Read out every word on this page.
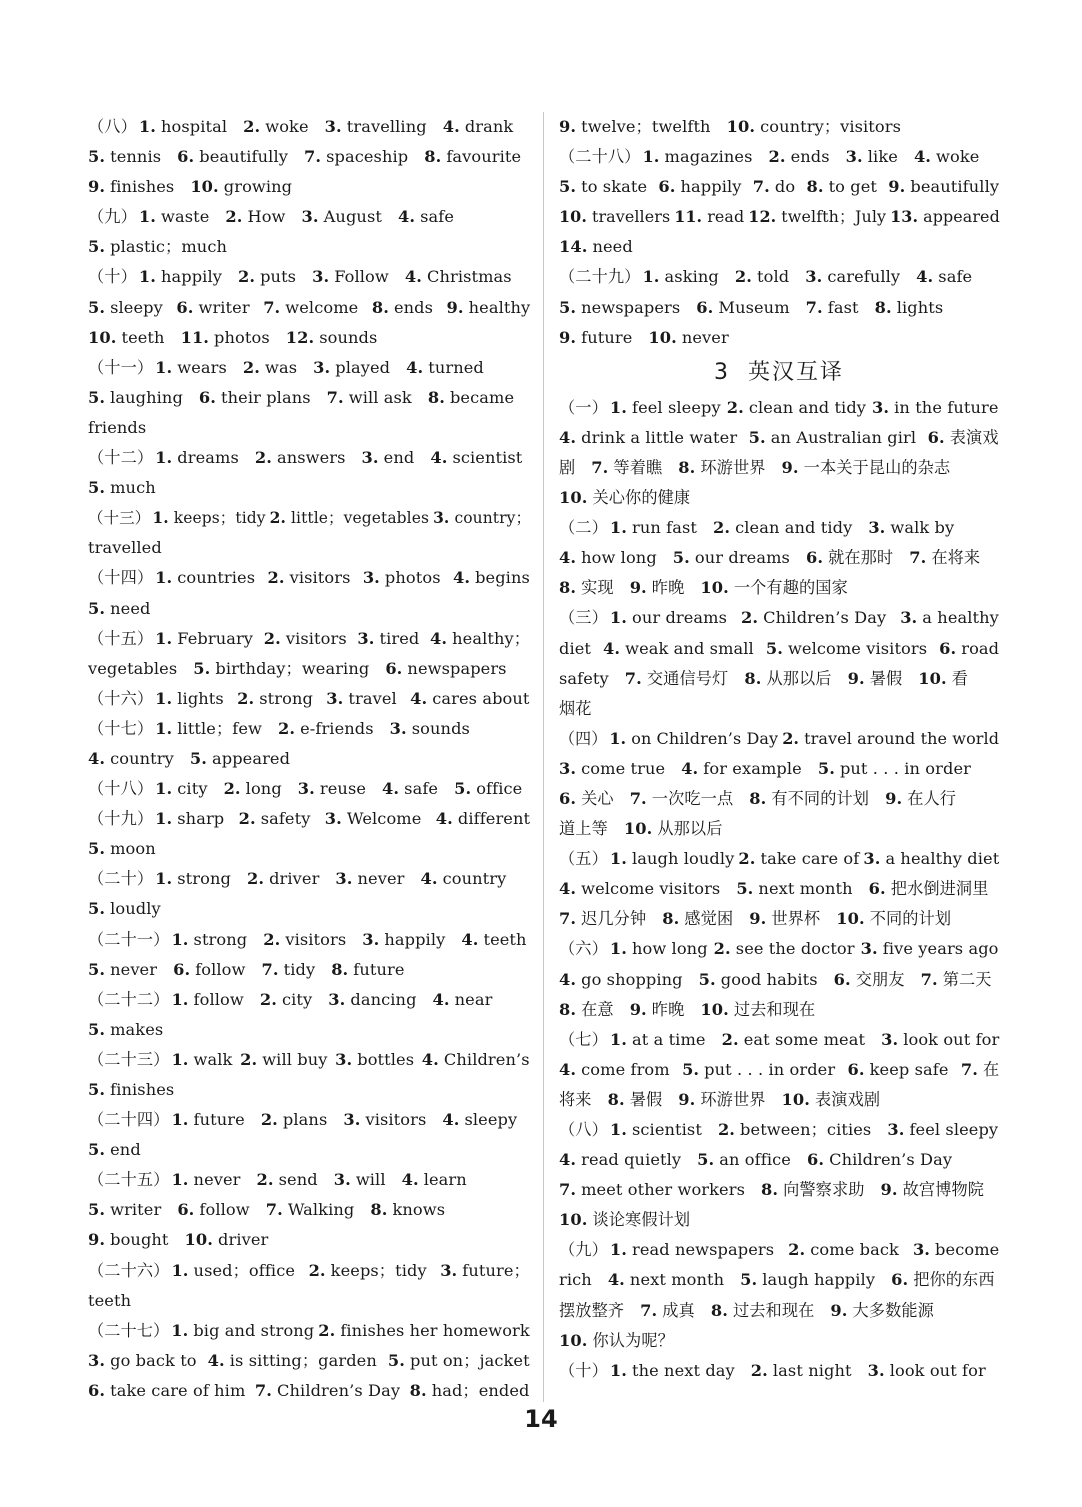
（八） 1. hospital 2. woke 3. travelling 4. drank
5. tennis 6. beautifully 7. spaceship 8. favourite
9. finishes 10. growing
（九） 1. waste 2. How 3. August 4. safe
5. plastic；much
（十） 1. happily 2. puts 3. Follow 4. Christmas
5. sleepy 6. writer 7. welcome 8. ends 9. healthy
10. teeth 11. photos 12. sounds
（十一） 1. wears 2. was 3. played 4. turned
5. laughing 6. their plans 7. will ask 8. became
friends
（十二） 1. dreams 2. answers 3. end 4. scientist
5. much
（十三） 1. keeps；tidy 2. little；vegetables 3. country；
travelled
（十四） 1. countries 2. visitors 3. photos 4. begins
5. need
（十五） 1. February 2. visitors 3. tired 4. healthy；
vegetables 5. birthday；wearing 6. newspapers
（十六） 1. lights 2. strong 3. travel 4. cares about
（十七） 1. little；few 2. e-friends 3. sounds
4. country 5. appeared
（十八） 1. city 2. long 3. reuse 4. safe 5. office
（十九） 1. sharp 2. safety 3. Welcome 4. different
5. moon
（二十） 1. strong 2. driver 3. never 4. country
5. loudly
（二十一） 1. strong 2. visitors 3. happily 4. teeth
5. never 6. follow 7. tidy 8. future
（二十二） 1. follow 2. city 3. dancing 4. near
5. makes
（二十三） 1. walk 2. will buy 3. bottles 4. Children’s
5. finishes
（二十四） 1. future 2. plans 3. visitors 4. sleepy
5. end
（二十五） 1. never 2. send 3. will 4. learn
5. writer 6. follow 7. Walking 8. knows
9. bought 10. driver
（二十六） 1. used；office 2. keeps；tidy 3. future；
teeth
（二十七） 1. big and strong 2. finishes her homework
3. go back to 4. is sitting；garden 5. put on；jacket
6. take care of him 7. Children’s Day 8. had；ended
9. twelve；twelfth 10. country；visitors
（二十八） 1. magazines 2. ends 3. like 4. woke
5. to skate 6. happily 7. do 8. to get 9. beautifully
10. travellers 11. read 12. twelfth；July 13. appeared
14. need
（二十九） 1. asking 2. told 3. carefully 4. safe
5. newspapers 6. Museum 7. fast 8. lights
9. future 10. never
3 英汉互译
（一） 1. feel sleepy 2. clean and tidy 3. in the future
4. drink a little water 5. an Australian girl 6. 表演戏
剧 7. 等着瞧 8. 环游世界 9. 一本关于昆山的杂志
10. 关心你的健康
（二） 1. run fast 2. clean and tidy 3. walk by
4. how long 5. our dreams 6. 就在那时 7. 在将来
8. 实现 9. 昨晚 10. 一个有趣的国家
（三） 1. our dreams 2. Children’s Day 3. a healthy
diet 4. weak and small 5. welcome visitors 6. road
safety 7. 交通信号灯 8. 从那以后 9. 暑假 10. 看
烟花
（四） 1. on Children’s Day 2. travel around the world
3. come true 4. for example 5. put . . . in order
6. 关心 7. 一次吃一点 8. 有不同的计划 9. 在人行
道上等 10. 从那以后
（五） 1. laugh loudly 2. take care of 3. a healthy diet
4. welcome visitors 5. next month 6. 把水倒进洞里
7. 迟几分钟 8. 感觉困 9. 世界杯 10. 不同的计划
（六） 1. how long 2. see the doctor 3. five years ago
4. go shopping 5. good habits 6. 交朋友 7. 第二天
8. 在意 9. 昨晚 10. 过去和现在
（七） 1. at a time 2. eat some meat 3. look out for
4. come from 5. put . . . in order 6. keep safe 7. 在
将来 8. 暑假 9. 环游世界 10. 表演戏剧
（八） 1. scientist 2. between；cities 3. feel sleepy
4. read quietly 5. an office 6. Children’s Day
7. meet other workers 8. 向警察求助 9. 故宫博物院
10. 谈论寒假计划
（九） 1. read newspapers 2. come back 3. become
rich 4. next month 5. laugh happily 6. 把你的东西
摆放整齐 7. 成真 8. 过去和现在 9. 大多数能源
10. 你认为呢？
（十） 1. the next day 2. last night 3. look out for
14
